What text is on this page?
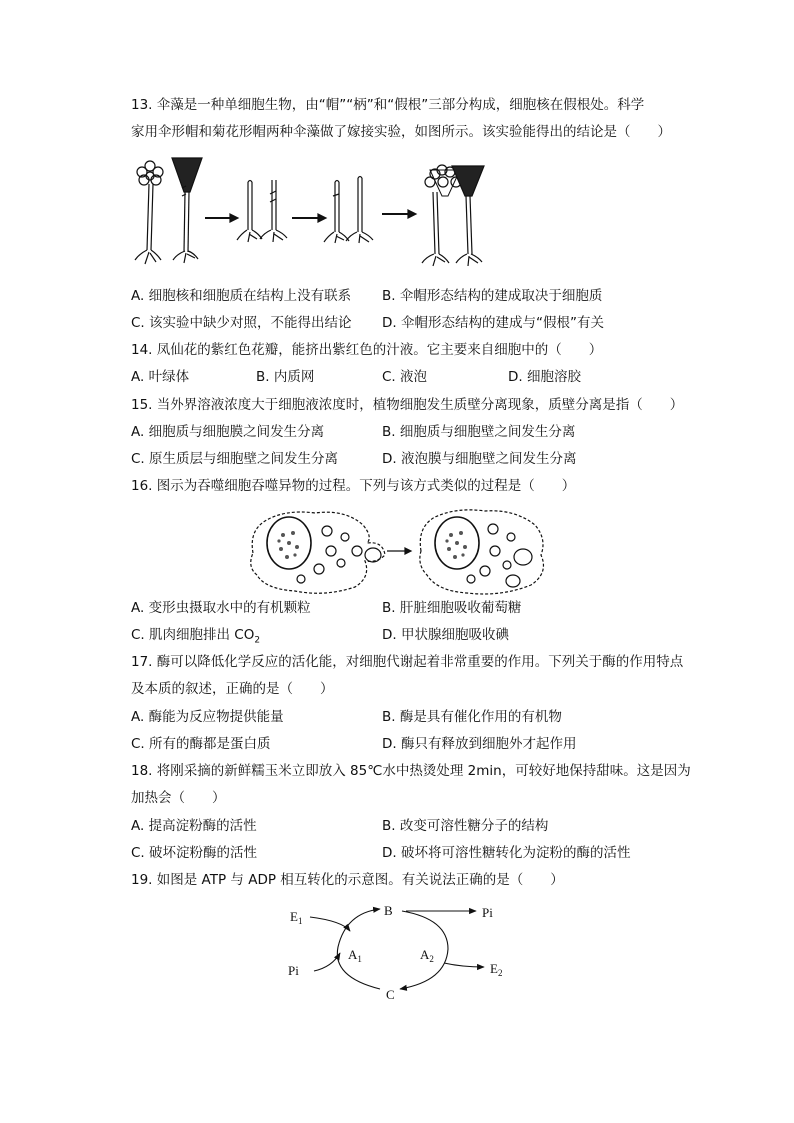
13. 伞藻是一种单细胞生物，由“帽”“柄”和“假根”三部分构成，细胞核在假根处。科学
家用伞形帽和菊花形帽两种伞藻做了嫁接实验，如图所示。该实验能得出的结论是（　　）
A. 细胞核和细胞质在结构上没有联系 B. 伞帽形态结构的建成取决于细胞质
C. 该实验中缺少对照，不能得出结论 D. 伞帽形态结构的建成与“假根”有关
14. 凤仙花的紫红色花瓣，能挤出紫红色的汁液。它主要来自细胞中的（　　）
A. 叶绿体	B. 内质网	C. 液泡	D. 细胞溶胶
15. 当外界溶液浓度大于细胞液浓度时，植物细胞发生质壁分离现象，质壁分离是指（　　）
A. 细胞质与细胞膜之间发生分离	B. 细胞质与细胞壁之间发生分离
C. 原生质层与细胞壁之间发生分离	D. 液泡膜与细胞壁之间发生分离
16. 图示为吞噬细胞吞噬异物的过程。下列与该方式类似的过程是（　　）
A. 变形虫摄取水中的有机颗粒	B. 肝脏细胞吸收葡萄糖
C. 肌肉细胞排出 $CO_2$	D. 甲状腺细胞吸收碘
17. 酶可以降低化学反应的活化能，对细胞代谢起着非常重要的作用。下列关于酶的作用特点
及本质的叙述，正确的是（　　）
A. 酶能为反应物提供能量	B. 酶是具有催化作用的有机物
C. 所有的酶都是蛋白质	D. 酶只有释放到细胞外才起作用
18. 将刚采摘的新鲜糯玉米立即放入 85℃水中热烫处理 2min，可较好地保持甜味。这是因为
加热会（　　）
A. 提高淀粉酶的活性	B. 改变可溶性糖分子的结构
C. 破坏淀粉酶的活性	D. 破坏将可溶性糖转化为淀粉的酶的活性
19. 如图是 ATP 与 ADP 相互转化的示意图。有关说法正确的是（　　）
$E_1$
B	Pi
$A_1$	$A_2$
Pi	$E_2$
C
